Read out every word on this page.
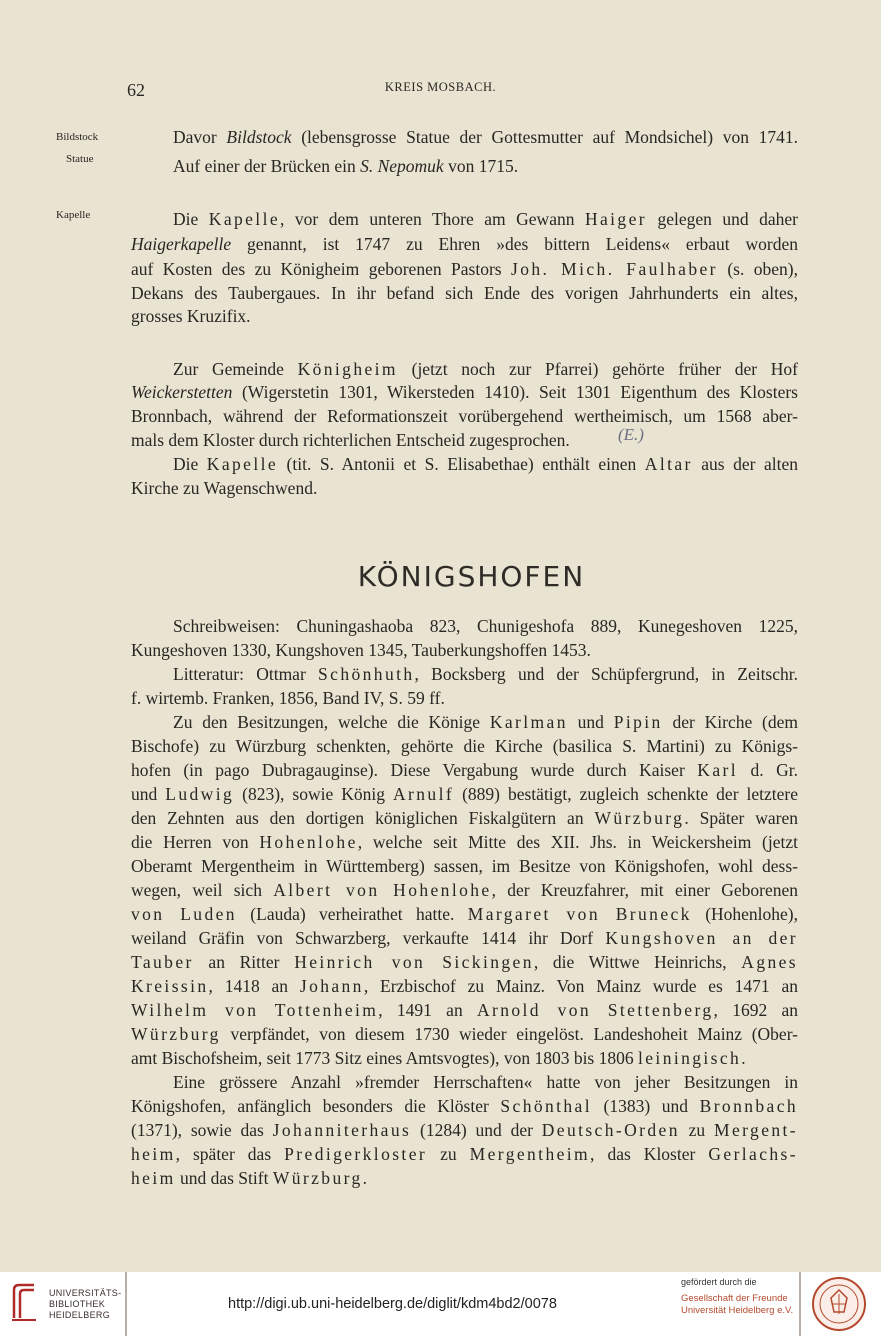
62	KREIS MOSBACH.
Bildstock
Statue
Kapelle
Davor Bildstock (lebensgrosse Statue der Gottesmutter auf Mondsichel) von 1741.
Auf einer der Brücken ein S. Nepomuk von 1715.
Die Kapelle, vor dem unteren Thore am Gewann Haiger gelegen und daher
Haigerkapelle genannt, ist 1747 zu Ehren »des bittern Leidens« erbaut worden
auf Kosten des zu Königheim geborenen Pastors Joh. Mich. Faulhaber (s. oben),
Dekans des Taubergaues. In ihr befand sich Ende des vorigen Jahrhunderts ein altes,
grosses Kruzifix.
Zur Gemeinde Königheim (jetzt noch zur Pfarrei) gehörte früher der Hof
Weickerstetten (Wigerstetin 1301, Wikersteden 1410). Seit 1301 Eigenthum des Klosters
Bronnbach, während der Reformationszeit vorübergehend wertheimisch, um 1568 aber-
mals dem Kloster durch richterlichen Entscheid zugesprochen.	(E.)
Die Kapelle (tit. S. Antonii et S. Elisabethae) enthält einen Altar aus der alten
Kirche zu Wagenschwend.
KÖNIGSHOFEN
Schreibweisen: Chuningashaoba 823, Chunigeshofa 889, Kunegeshoven 1225,
Kungeshoven 1330, Kungshoven 1345, Tauberkungshoffen 1453.
Litteratur: Ottmar Schönhuth, Bocksberg und der Schüpfergrund, in Zeitschr.
f. wirtemb. Franken, 1856, Band IV, S. 59 ff.
Zu den Besitzungen, welche die Könige Karlman und Pipin der Kirche (dem
Bischofe) zu Würzburg schenkten, gehörte die Kirche (basilica S. Martini) zu Königs-
hofen (in pago Dubragauginse). Diese Vergabung wurde durch Kaiser Karl d. Gr.
und Ludwig (823), sowie König Arnulf (889) bestätigt, zugleich schenkte der letztere
den Zehnten aus den dortigen königlichen Fiskalgütern an Würzburg. Später waren
die Herren von Hohenlohe, welche seit Mitte des XII. Jhs. in Weickersheim (jetzt
Oberamt Mergentheim in Württemberg) sassen, im Besitze von Königshofen, wohl dess-
wegen, weil sich Albert von Hohenlohe, der Kreuzfahrer, mit einer Geborenen
von Luden (Lauda) verheirathet hatte. Margaret von Bruneck (Hohenlohe),
weiland Gräfin von Schwarzberg, verkaufte 1414 ihr Dorf Kungshoven an der
Tauber an Ritter Heinrich von Sickingen, die Wittwe Heinrichs, Agnes
Kreissin, 1418 an Johann, Erzbischof zu Mainz. Von Mainz wurde es 1471 an
Wilhelm von Tottenheim, 1491 an Arnold von Stettenberg, 1692 an
Würzburg verpfändet, von diesem 1730 wieder eingelöst. Landeshoheit Mainz (Ober-
amt Bischofsheim, seit 1773 Sitz eines Amtsvogtes), von 1803 bis 1806 leiningisch.
Eine grössere Anzahl »fremder Herrschaften« hatte von jeher Besitzungen in
Königshofen, anfänglich besonders die Klöster Schönthal (1383) und Bronnbach
(1371), sowie das Johanniterhaus (1284) und der Deutsch-Orden zu Mergent-
heim, später das Predigerkloster zu Mergentheim, das Kloster Gerlachs-
heim und das Stift Würzburg.
UNIVERSITÄTS-
BIBLIOTHEK
HEIDELBERG
http://digi.ub.uni-heidelberg.de/diglit/kdm4bd2/0078
gefördert durch die
Gesellschaft der Freunde
Universität Heidelberg e.V.
